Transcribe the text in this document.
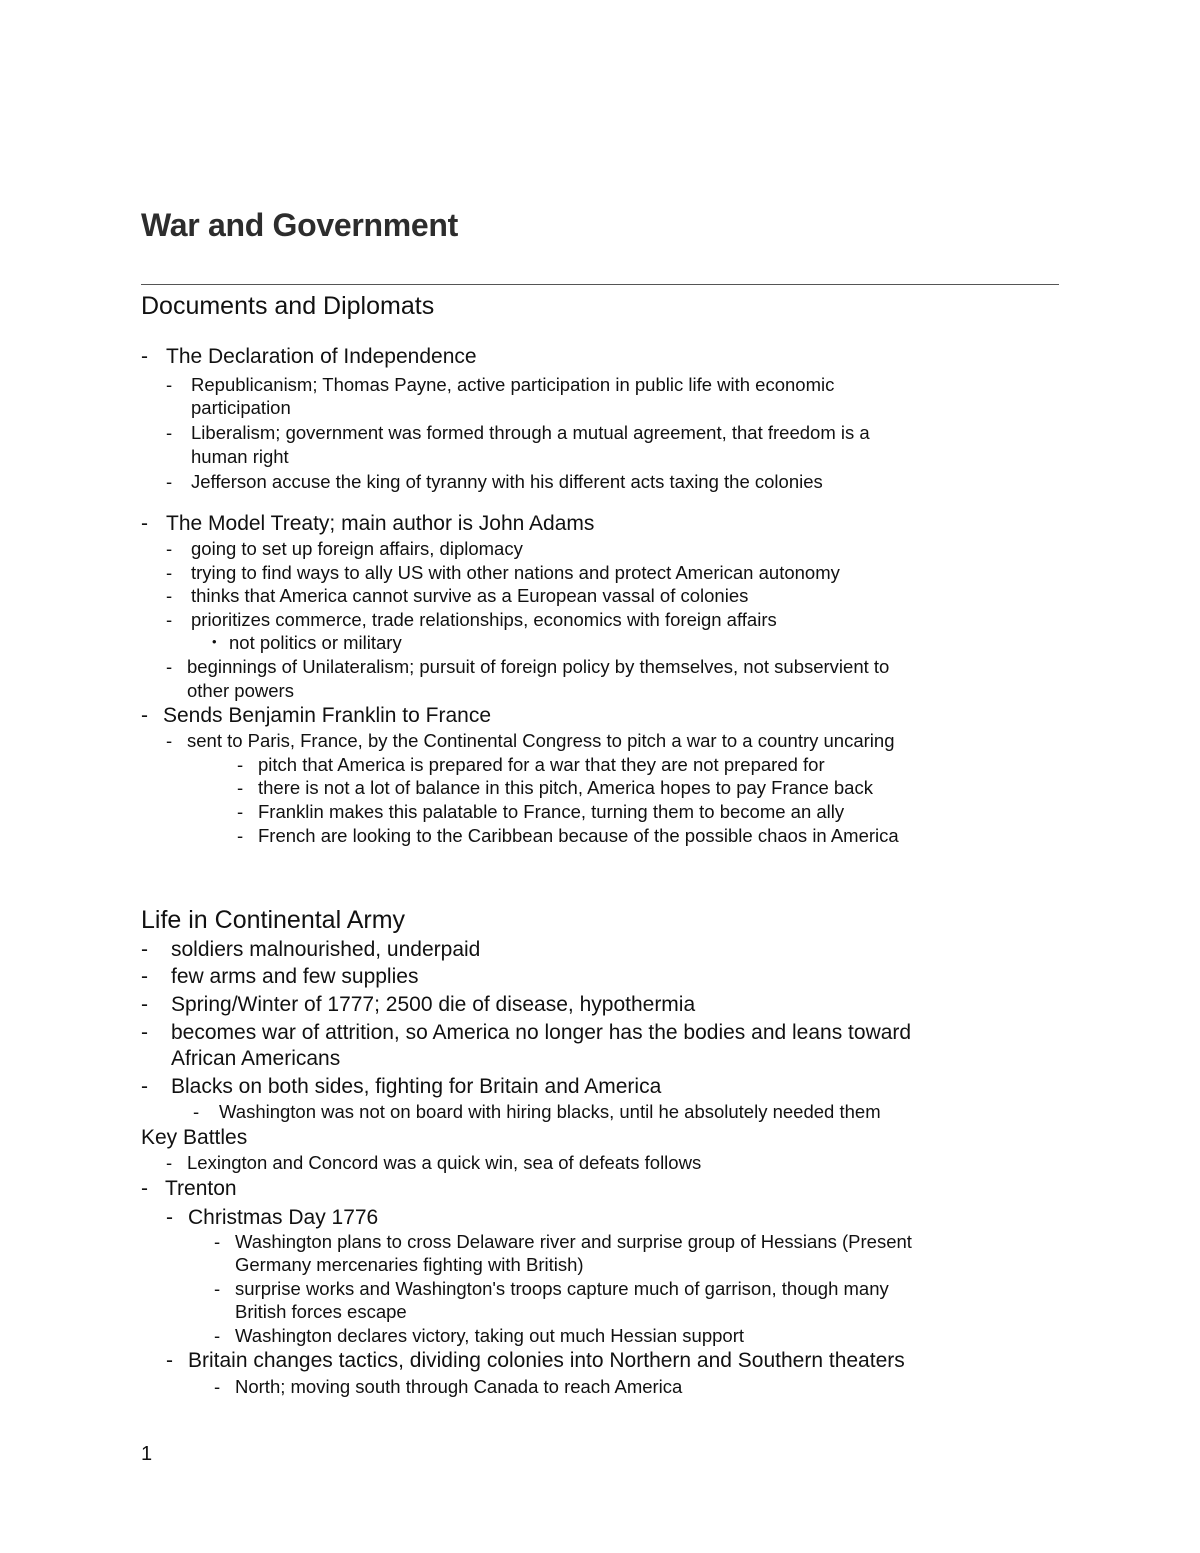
War and Government
Documents and Diplomats
- The Declaration of Independence
- Republicanism; Thomas Payne, active participation in public life with economic
participation
- Liberalism; government was formed through a mutual agreement, that freedom is a
human right
- Jefferson accuse the king of tyranny with his different acts taxing the colonies
- The Model Treaty; main author is John Adams
- going to set up foreign affairs, diplomacy
- trying to find ways to ally US with other nations and protect American autonomy
- thinks that America cannot survive as a European vassal of colonies
- prioritizes commerce, trade relationships, economics with foreign affairs
• not politics or military
- beginnings of Unilateralism; pursuit of foreign policy by themselves, not subservient to
other powers
- Sends Benjamin Franklin to France
- sent to Paris, France, by the Continental Congress to pitch a war to a country uncaring
- pitch that America is prepared for a war that they are not prepared for
- there is not a lot of balance in this pitch, America hopes to pay France back
- Franklin makes this palatable to France, turning them to become an ally
- French are looking to the Caribbean because of the possible chaos in America
Life in Continental Army
- soldiers malnourished, underpaid
- few arms and few supplies
- Spring/Winter of 1777; 2500 die of disease, hypothermia
- becomes war of attrition, so America no longer has the bodies and leans toward
African Americans
- Blacks on both sides, fighting for Britain and America
- Washington was not on board with hiring blacks, until he absolutely needed them
Key Battles
- Lexington and Concord was a quick win, sea of defeats follows
- Trenton
- Christmas Day 1776
- Washington plans to cross Delaware river and surprise group of Hessians (Present
Germany mercenaries fighting with British)
- surprise works and Washington's troops capture much of garrison, though many
British forces escape
- Washington declares victory, taking out much Hessian support
- Britain changes tactics, dividing colonies into Northern and Southern theaters
- North; moving south through Canada to reach America
1
